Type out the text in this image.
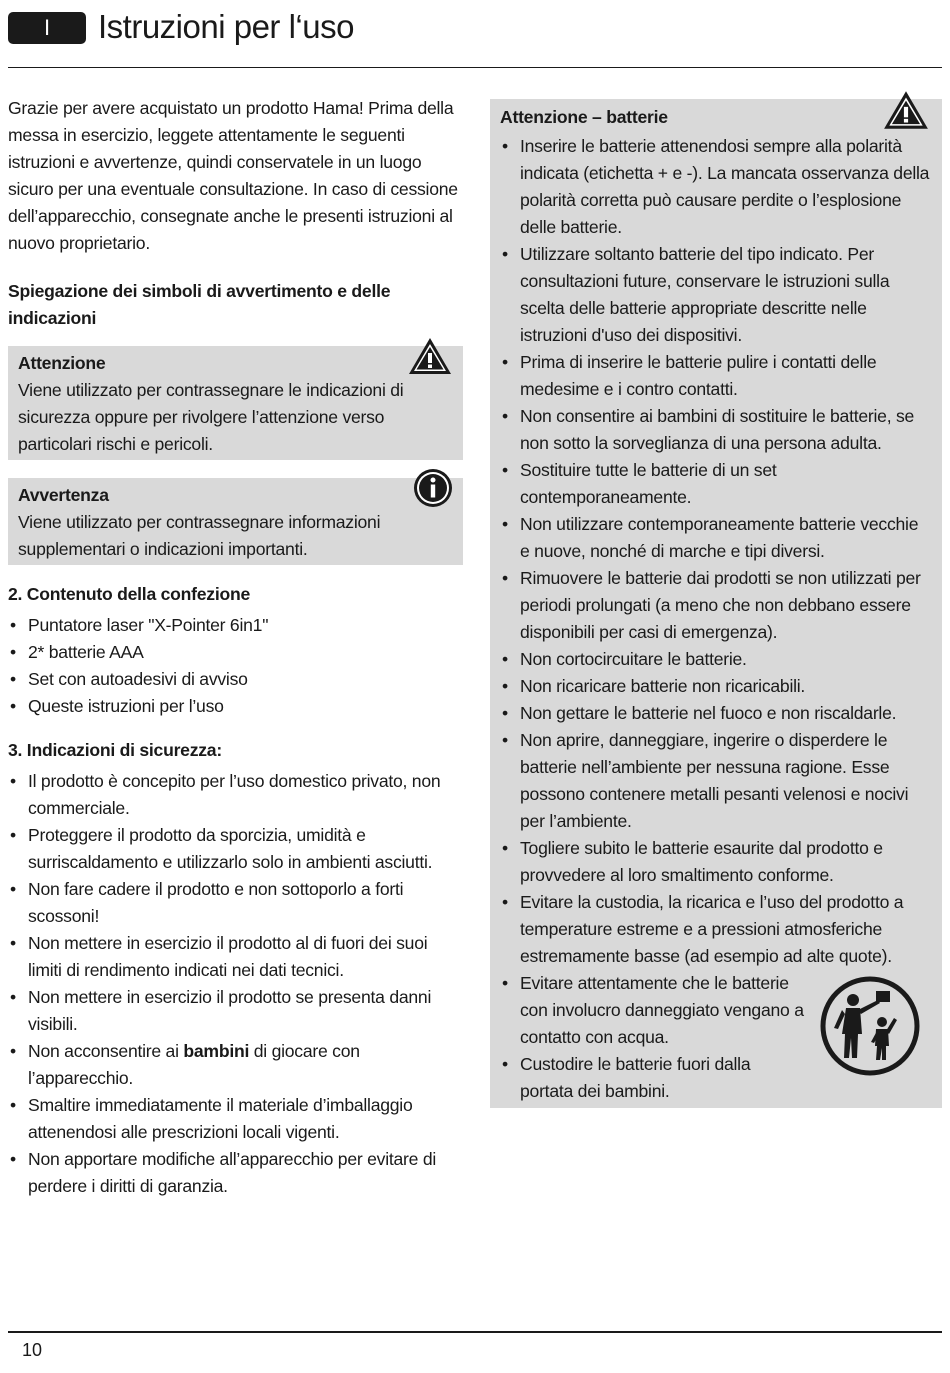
I	Istruzioni per l‘uso

Grazie per avere acquistato un prodotto Hama! Prima della messa in esercizio, leggete attentamente le seguenti istruzioni e avvertenze, quindi conservatele in un luogo sicuro per una eventuale consultazione. In caso di cessione dell’apparecchio, consegnate anche le presenti istruzioni al nuovo proprietario.

Spiegazione dei simboli di avvertimento e delle indicazioni

Attenzione

Viene utilizzato per contrassegnare le indicazioni di sicurezza oppure per rivolgere l’attenzione verso particolari rischi e pericoli.

Avvertenza

Viene utilizzato per contrassegnare informazioni supplementari o indicazioni importanti.

2. Contenuto della confezione

• Puntatore laser "X-Pointer 6in1"
• 2* batterie AAA
• Set con autoadesivi di avviso
• Queste istruzioni per l’uso

3. Indicazioni di sicurezza:

• Il prodotto è concepito per l’uso domestico privato, non commerciale.
• Proteggere il prodotto da sporcizia, umidità e surriscaldamento e utilizzarlo solo in ambienti asciutti.
• Non fare cadere il prodotto e non sottoporlo a forti scossoni!
• Non mettere in esercizio il prodotto al di fuori dei suoi limiti di rendimento indicati nei dati tecnici.
• Non mettere in esercizio il prodotto se presenta danni visibili.
• Non acconsentire ai bambini di giocare con l’apparecchio.
• Smaltire immediatamente il materiale d’imballaggio attenendosi alle prescrizioni locali vigenti.
• Non apportare modifiche all’apparecchio per evitare di perdere i diritti di garanzia.

Attenzione – batterie

• Inserire le batterie attenendosi sempre alla polarità indicata (etichetta + e -). La mancata osservanza della polarità corretta può causare perdite o l’esplosione delle batterie.
• Utilizzare soltanto batterie del tipo indicato. Per consultazioni future, conservare le istruzioni sulla scelta delle batterie appropriate descritte nelle istruzioni d'uso dei dispositivi.
• Prima di inserire le batterie pulire i contatti delle medesime e i contro contatti.
• Non consentire ai bambini di sostituire le batterie, se non sotto la sorveglianza di una persona adulta.
• Sostituire tutte le batterie di un set contemporaneamente.
• Non utilizzare contemporaneamente batterie vecchie e nuove, nonché di marche e tipi diversi.
• Rimuovere le batterie dai prodotti se non utilizzati per periodi prolungati (a meno che non debbano essere disponibili per casi di emergenza).
• Non cortocircuitare le batterie.
• Non ricaricare batterie non ricaricabili.
• Non gettare le batterie nel fuoco e non riscaldarle.
• Non aprire, danneggiare, ingerire o disperdere le batterie nell’ambiente per nessuna ragione. Esse possono contenere metalli pesanti velenosi e nocivi per l’ambiente.
• Togliere subito le batterie esaurite dal prodotto e provvedere al loro smaltimento conforme.
• Evitare la custodia, la ricarica e l’uso del prodotto a temperature estreme e a pressioni atmosferiche estremamente basse (ad esempio ad alte quote).
• Evitare attentamente che le batterie
con involucro danneggiato vengano a
contatto con acqua.
• Custodire le batterie fuori dalla
portata dei bambini.
10
